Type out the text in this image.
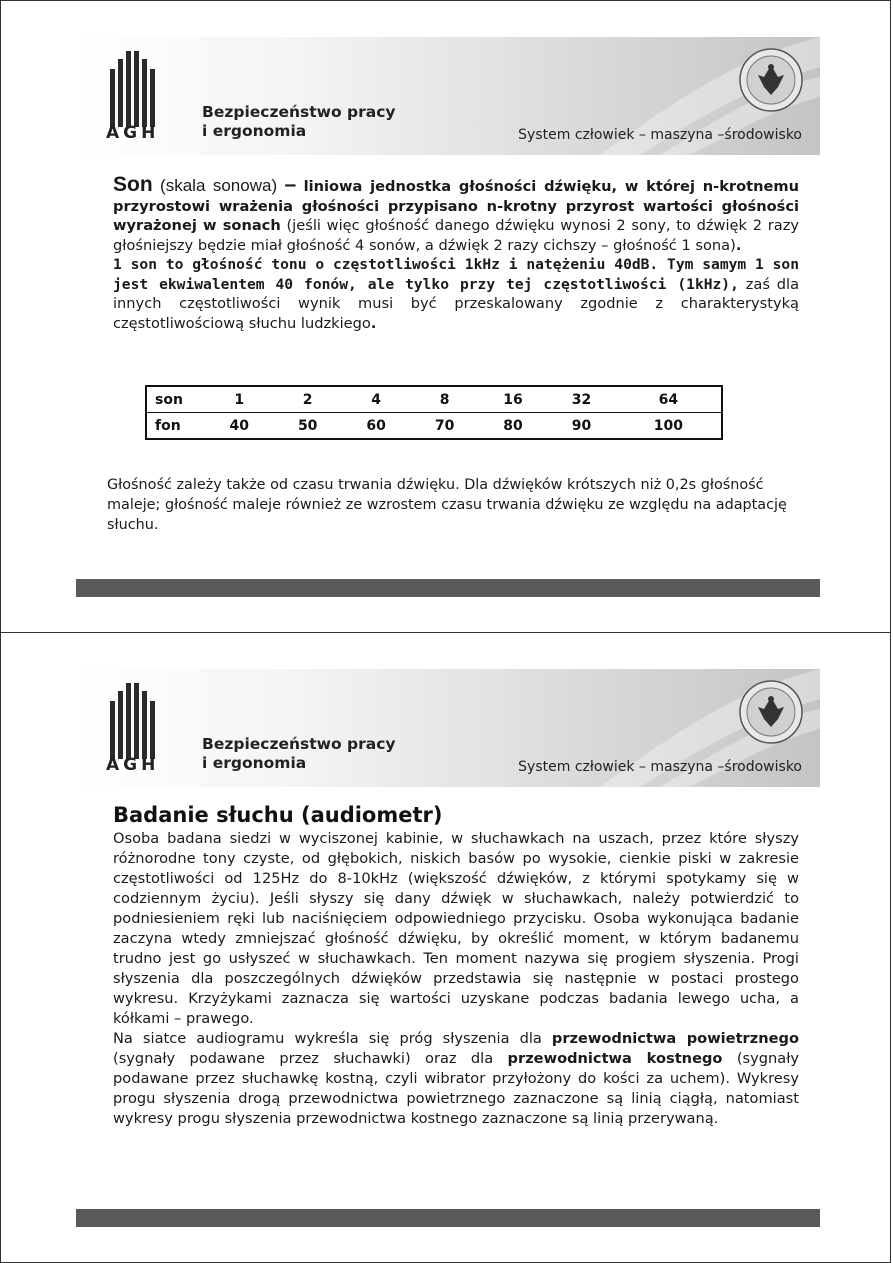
AGH
Bezpieczeństwo pracy
i ergonomia	System człowiek – maszyna –środowisko
Son (skala sonowa) – liniowa jednostka głośności dźwięku, w której n-krotnemu przyrostowi wrażenia głośności przypisano n-krotny przyrost wartości głośności wyrażonej w sonach (jeśli więc głośność danego dźwięku wynosi 2 sony, to dźwięk 2 razy głośniejszy będzie miał głośność 4 sonów, a dźwięk 2 razy cichszy – głośność 1 sona).
1 son to głośność tonu o częstotliwości 1kHz i natężeniu 40dB. Tym samym 1 son jest ekwiwalentem 40 fonów, ale tylko przy tej częstotliwości (1kHz), zaś dla innych częstotliwości wynik musi być przeskalowany zgodnie z charakterystyką częstotliwościową słuchu ludzkiego.
son	1	2	4	8	16	32	64
fon	40	50	60	70	80	90	100
Głośność zależy także od czasu trwania dźwięku. Dla dźwięków krótszych niż 0,2s głośność maleje; głośność maleje również ze wzrostem czasu trwania dźwięku ze względu na adaptację słuchu.
AGH
Bezpieczeństwo pracy
i ergonomia	System człowiek – maszyna –środowisko
Badanie słuchu (audiometr)
Osoba badana siedzi w wyciszonej kabinie, w słuchawkach na uszach, przez które słyszy różnorodne tony czyste, od głębokich, niskich basów po wysokie, cienkie piski w zakresie częstotliwości od 125Hz do 8-10kHz (większość dźwięków, z którymi spotykamy się w codziennym życiu). Jeśli słyszy się dany dźwięk w słuchawkach, należy potwierdzić to podniesieniem ręki lub naciśnięciem odpowiedniego przycisku. Osoba wykonująca badanie zaczyna wtedy zmniejszać głośność dźwięku, by określić moment, w którym badanemu trudno jest go usłyszeć w słuchawkach. Ten moment nazywa się progiem słyszenia. Progi słyszenia dla poszczególnych dźwięków przedstawia się następnie w postaci prostego wykresu. Krzyżykami zaznacza się wartości uzyskane podczas badania lewego ucha, a kółkami – prawego.
Na siatce audiogramu wykreśla się próg słyszenia dla przewodnictwa powietrznego (sygnały podawane przez słuchawki) oraz dla przewodnictwa kostnego (sygnały podawane przez słuchawkę kostną, czyli wibrator przyłożony do kości za uchem). Wykresy progu słyszenia drogą przewodnictwa powietrznego zaznaczone są linią ciągłą, natomiast wykresy progu słyszenia przewodnictwa kostnego zaznaczone są linią przerywaną.
